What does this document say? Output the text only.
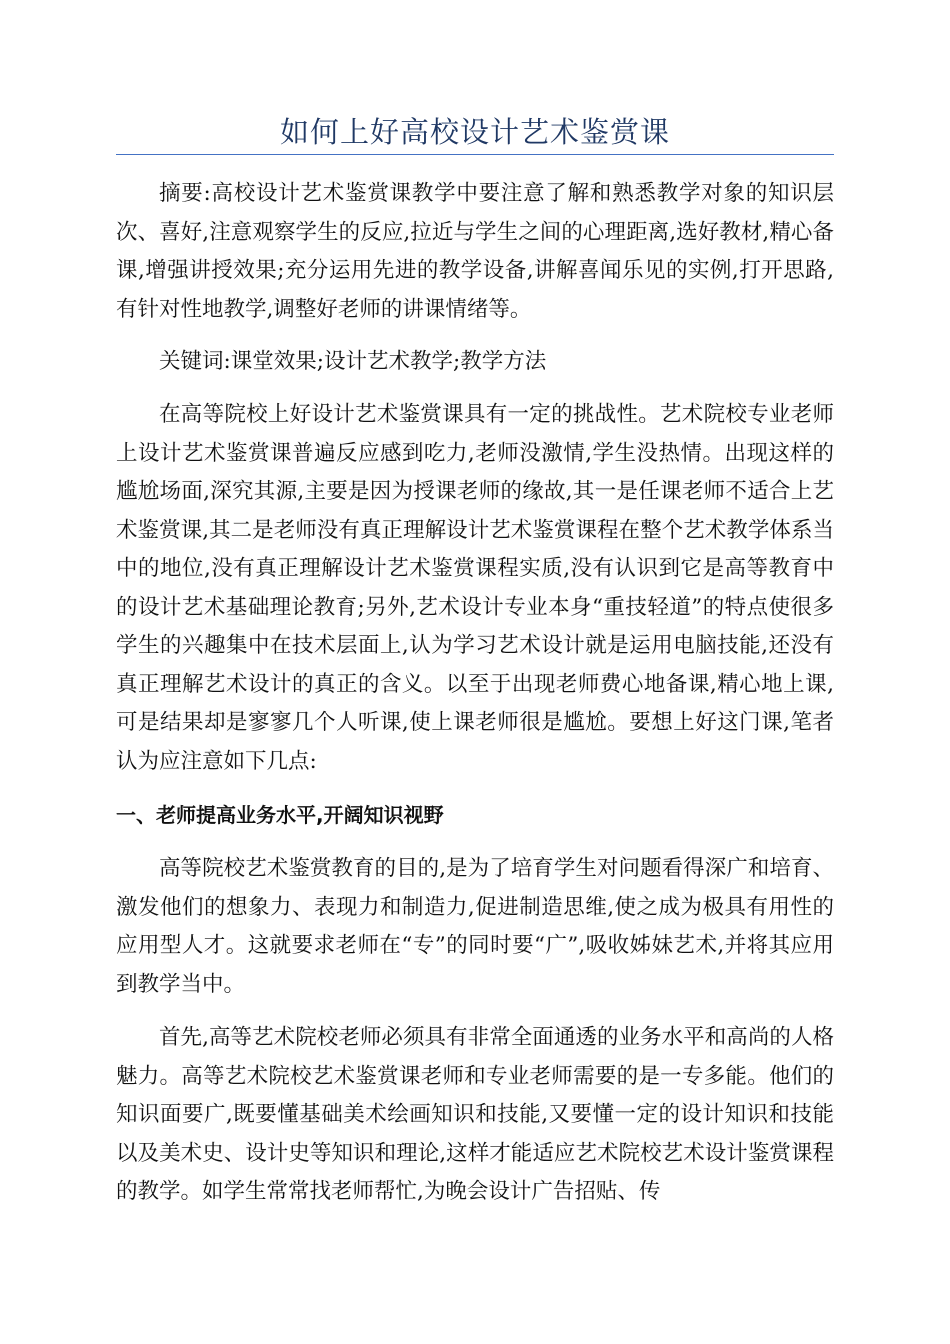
如何上好高校设计艺术鉴赏课

摘要:高校设计艺术鉴赏课教学中要注意了解和熟悉教学对象的知识层次、喜好,注意观察学生的反应,拉近与学生之间的心理距离,选好教材,精心备课,增强讲授效果;充分运用先进的教学设备,讲解喜闻乐见的实例,打开思路,有针对性地教学,调整好老师的讲课情绪等。

关键词:课堂效果;设计艺术教学;教学方法

在高等院校上好设计艺术鉴赏课具有一定的挑战性。艺术院校专业老师上设计艺术鉴赏课普遍反应感到吃力,老师没激情,学生没热情。出现这样的尴尬场面,深究其源,主要是因为授课老师的缘故,其一是任课老师不适合上艺术鉴赏课,其二是老师没有真正理解设计艺术鉴赏课程在整个艺术教学体系当中的地位,没有真正理解设计艺术鉴赏课程实质,没有认识到它是高等教育中的设计艺术基础理论教育;另外,艺术设计专业本身“重技轻道”的特点使很多学生的兴趣集中在技术层面上,认为学习艺术设计就是运用电脑技能,还没有真正理解艺术设计的真正的含义。以至于出现老师费心地备课,精心地上课,可是结果却是寥寥几个人听课,使上课老师很是尴尬。要想上好这门课,笔者认为应注意如下几点:

一、老师提高业务水平,开阔知识视野

高等院校艺术鉴赏教育的目的,是为了培育学生对问题看得深广和培育、激发他们的想象力、表现力和制造力,促进制造思维,使之成为极具有用性的应用型人才。这就要求老师在“专”的同时要“广”,吸收姊妹艺术,并将其应用到教学当中。

首先,高等艺术院校老师必须具有非常全面通透的业务水平和高尚的人格魅力。高等艺术院校艺术鉴赏课老师和专业老师需要的是一专多能。他们的知识面要广,既要懂基础美术绘画知识和技能,又要懂一定的设计知识和技能以及美术史、设计史等知识和理论,这样才能适应艺术院校艺术设计鉴赏课程的教学。如学生常常找老师帮忙,为晚会设计广告招贴、传
